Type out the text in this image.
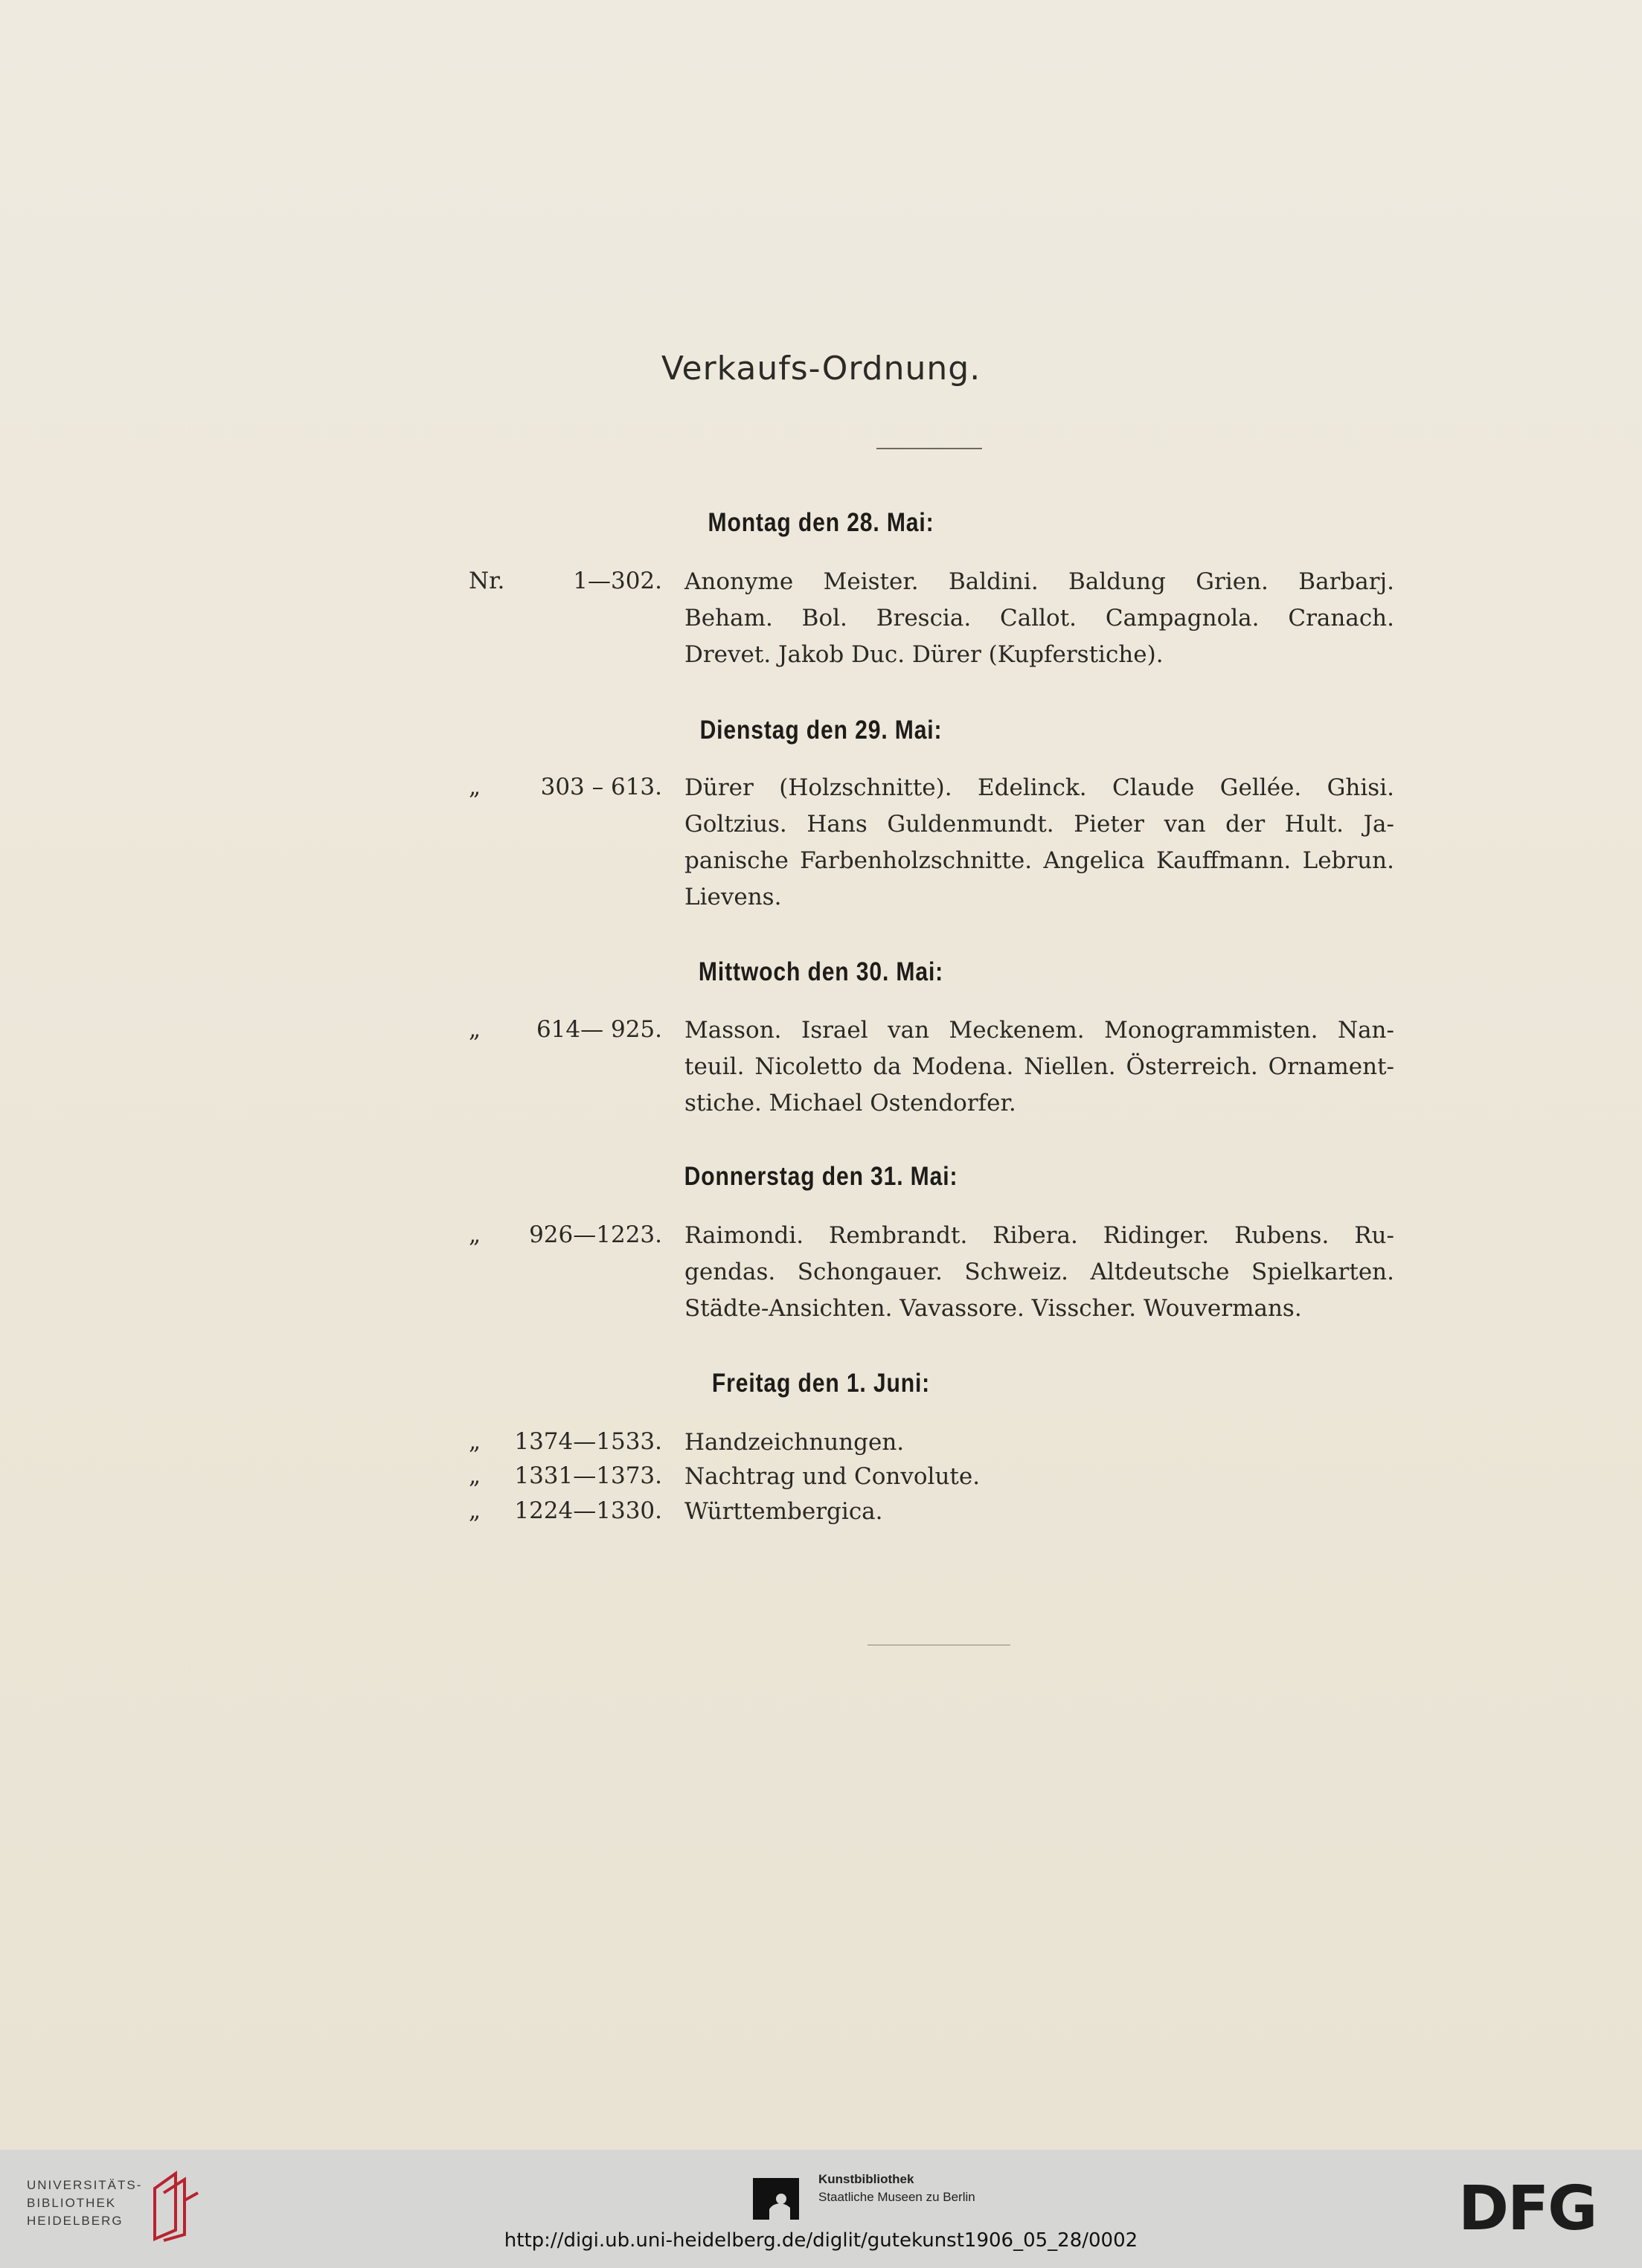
Verkaufs-Ordnung.
Montag den 28. Mai:
Nr.	1—302. Anonyme Meister. Baldini. Baldung Grien. Barbarj.
Beham. Bol. Brescia. Callot. Campagnola. Cranach.
Drevet. Jakob Duc. Dürer (Kupferstiche).
Dienstag den 29. Mai:
„	303 – 613. Dürer (Holzschnitte). Edelinck. Claude Gellée. Ghisi.
Goltzius. Hans Guldenmundt. Pieter van der Hult. Ja-
panische Farbenholzschnitte. Angelica Kauffmann. Lebrun.
Lievens.
Mittwoch den 30. Mai:
„	614— 925. Masson. Israel van Meckenem. Monogrammisten. Nan-
teuil. Nicoletto da Modena. Niellen. Österreich. Ornament-
stiche. Michael Ostendorfer.
Donnerstag den 31. Mai:
„	926—1223. Raimondi. Rembrandt. Ribera. Ridinger. Rubens. Ru-
gendas. Schongauer. Schweiz. Altdeutsche Spielkarten.
Städte-Ansichten. Vavassore. Visscher. Wouvermans.
Freitag den 1. Juni:
„	1374—1533. Handzeichnungen.
„	1331—1373. Nachtrag und Convolute.
„	1224—1330. Württembergica.
UNIVERSITÄTS-
BIBLIOTHEK
HEIDELBERG
Kunstbibliothek
Staatliche Museen zu Berlin	DFG
http://digi.ub.uni-heidelberg.de/diglit/gutekunst1906_05_28/0002
